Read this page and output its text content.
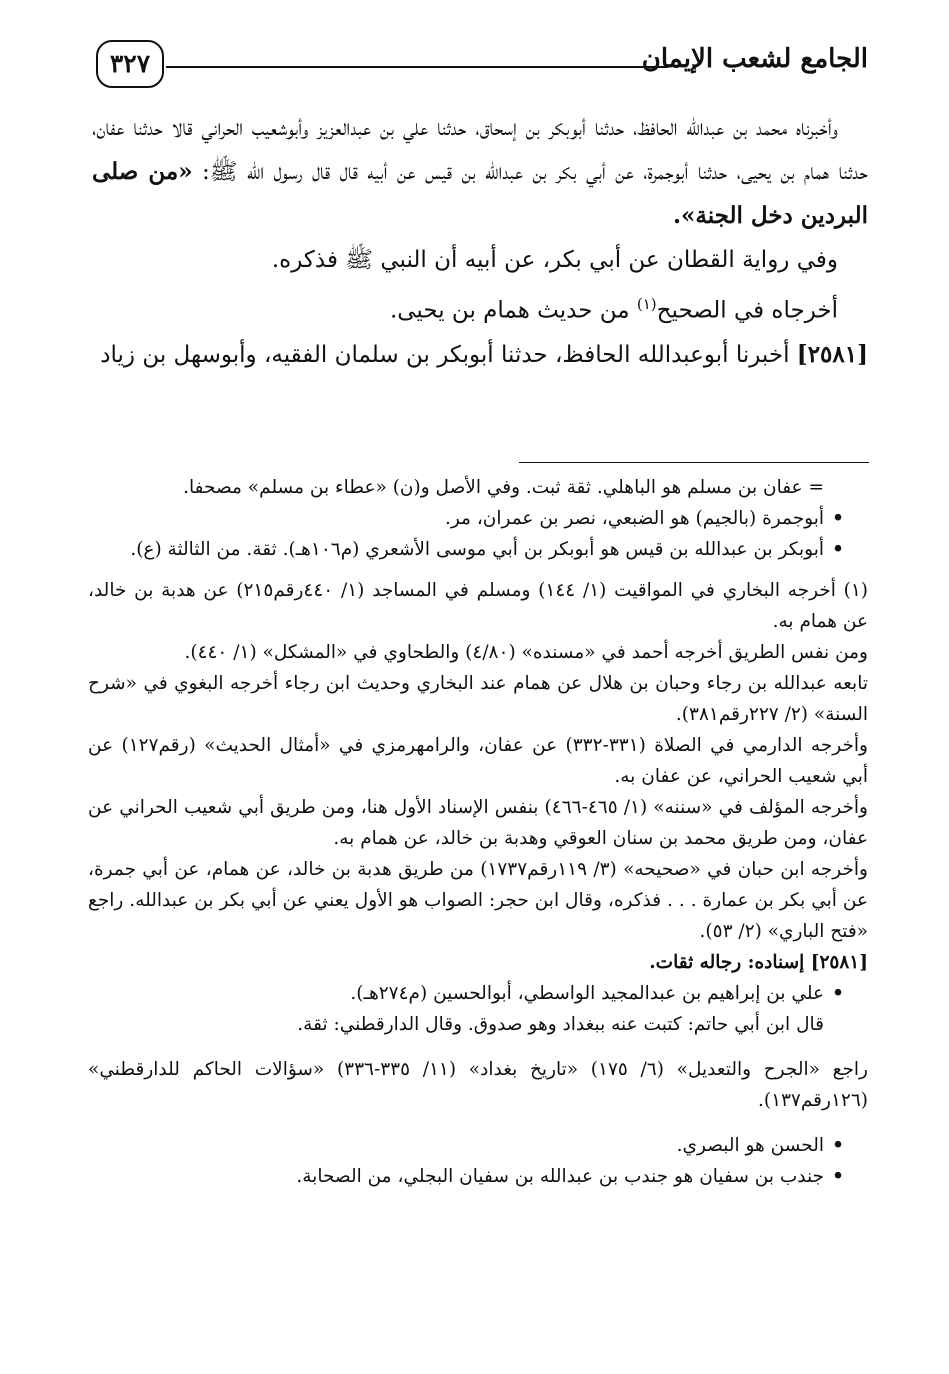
٣٢٧	الجامع لشعب الإيمان

وأخبرناه محمد بن عبدالله الحافظ، حدثنا أبوبكر بن إسحاق، حدثنا علي بن عبدالعزيز وأبوشعيب الحراني قالا حدثنا عفان، حدثنا همام بن يحيى، حدثنا أبوجمرة، عن أبي بكر بن عبدالله بن قيس عن أبيه قال قال رسول الله ﷺ: «من صلى البردين دخل الجنة».

وفي رواية القطان عن أبي بكر، عن أبيه أن النبي ﷺ فذكره.

أخرجاه في الصحيح$^{(١)}$ من حديث همام بن يحيى.

[٢٥٨١] أخبرنا أبوعبدالله الحافظ، حدثنا أبوبكر بن سلمان الفقيه، وأبوسهل بن زياد

= عفان بن مسلم هو الباهلي. ثقة ثبت. وفي الأصل و(ن) «عطاء بن مسلم» مصحفا.

• أبوجمرة (بالجيم) هو الضبعي، نصر بن عمران، مر.

• أبوبكر بن عبدالله بن قيس هو أبوبكر بن أبي موسى الأشعري (م١٠٦هـ). ثقة. من الثالثة (ع).

(١) أخرجه البخاري في المواقيت (١/ ١٤٤) ومسلم في المساجد (١/ ٤٤٠رقم٢١٥) عن هدبة بن خالد، عن همام به.

ومن نفس الطريق أخرجه أحمد في «مسنده» (٤/٨٠) والطحاوي في «المشكل» (١/ ٤٤٠).

تابعه عبدالله بن رجاء وحبان بن هلال عن همام عند البخاري وحديث ابن رجاء أخرجه البغوي في «شرح السنة» (٢/ ٢٢٧رقم٣٨١).

وأخرجه الدارمي في الصلاة (٣٣١-٣٣٢) عن عفان، والرامهرمزي في «أمثال الحديث» (رقم١٢٧) عن أبي شعيب الحراني، عن عفان به.

وأخرجه المؤلف في «سننه» (١/ ٤٦٥-٤٦٦) بنفس الإسناد الأول هنا، ومن طريق أبي شعيب الحراني عن عفان، ومن طريق محمد بن سنان العوقي وهدبة بن خالد، عن همام به.

وأخرجه ابن حبان في «صحيحه» (٣/ ١١٩رقم١٧٣٧) من طريق هدبة بن خالد، عن همام، عن أبي جمرة، عن أبي بكر بن عمارة . . . فذكره، وقال ابن حجر: الصواب هو الأول يعني عن أبي بكر بن عبدالله. راجع «فتح الباري» (٢/ ٥٣).

[٢٥٨١] إسناده: رجاله ثقات.

• علي بن إبراهيم بن عبدالمجيد الواسطي، أبوالحسين (م٢٧٤هـ).

قال ابن أبي حاتم: كتبت عنه ببغداد وهو صدوق. وقال الدارقطني: ثقة.

راجع «الجرح والتعديل» (٦/ ١٧٥) «تاريخ بغداد» (١١/ ٣٣٥-٣٣٦) «سؤالات الحاكم للدارقطني» (١٢٦رقم١٣٧).

• الحسن هو البصري.

• جندب بن سفيان هو جندب بن عبدالله بن سفيان البجلي، من الصحابة.
